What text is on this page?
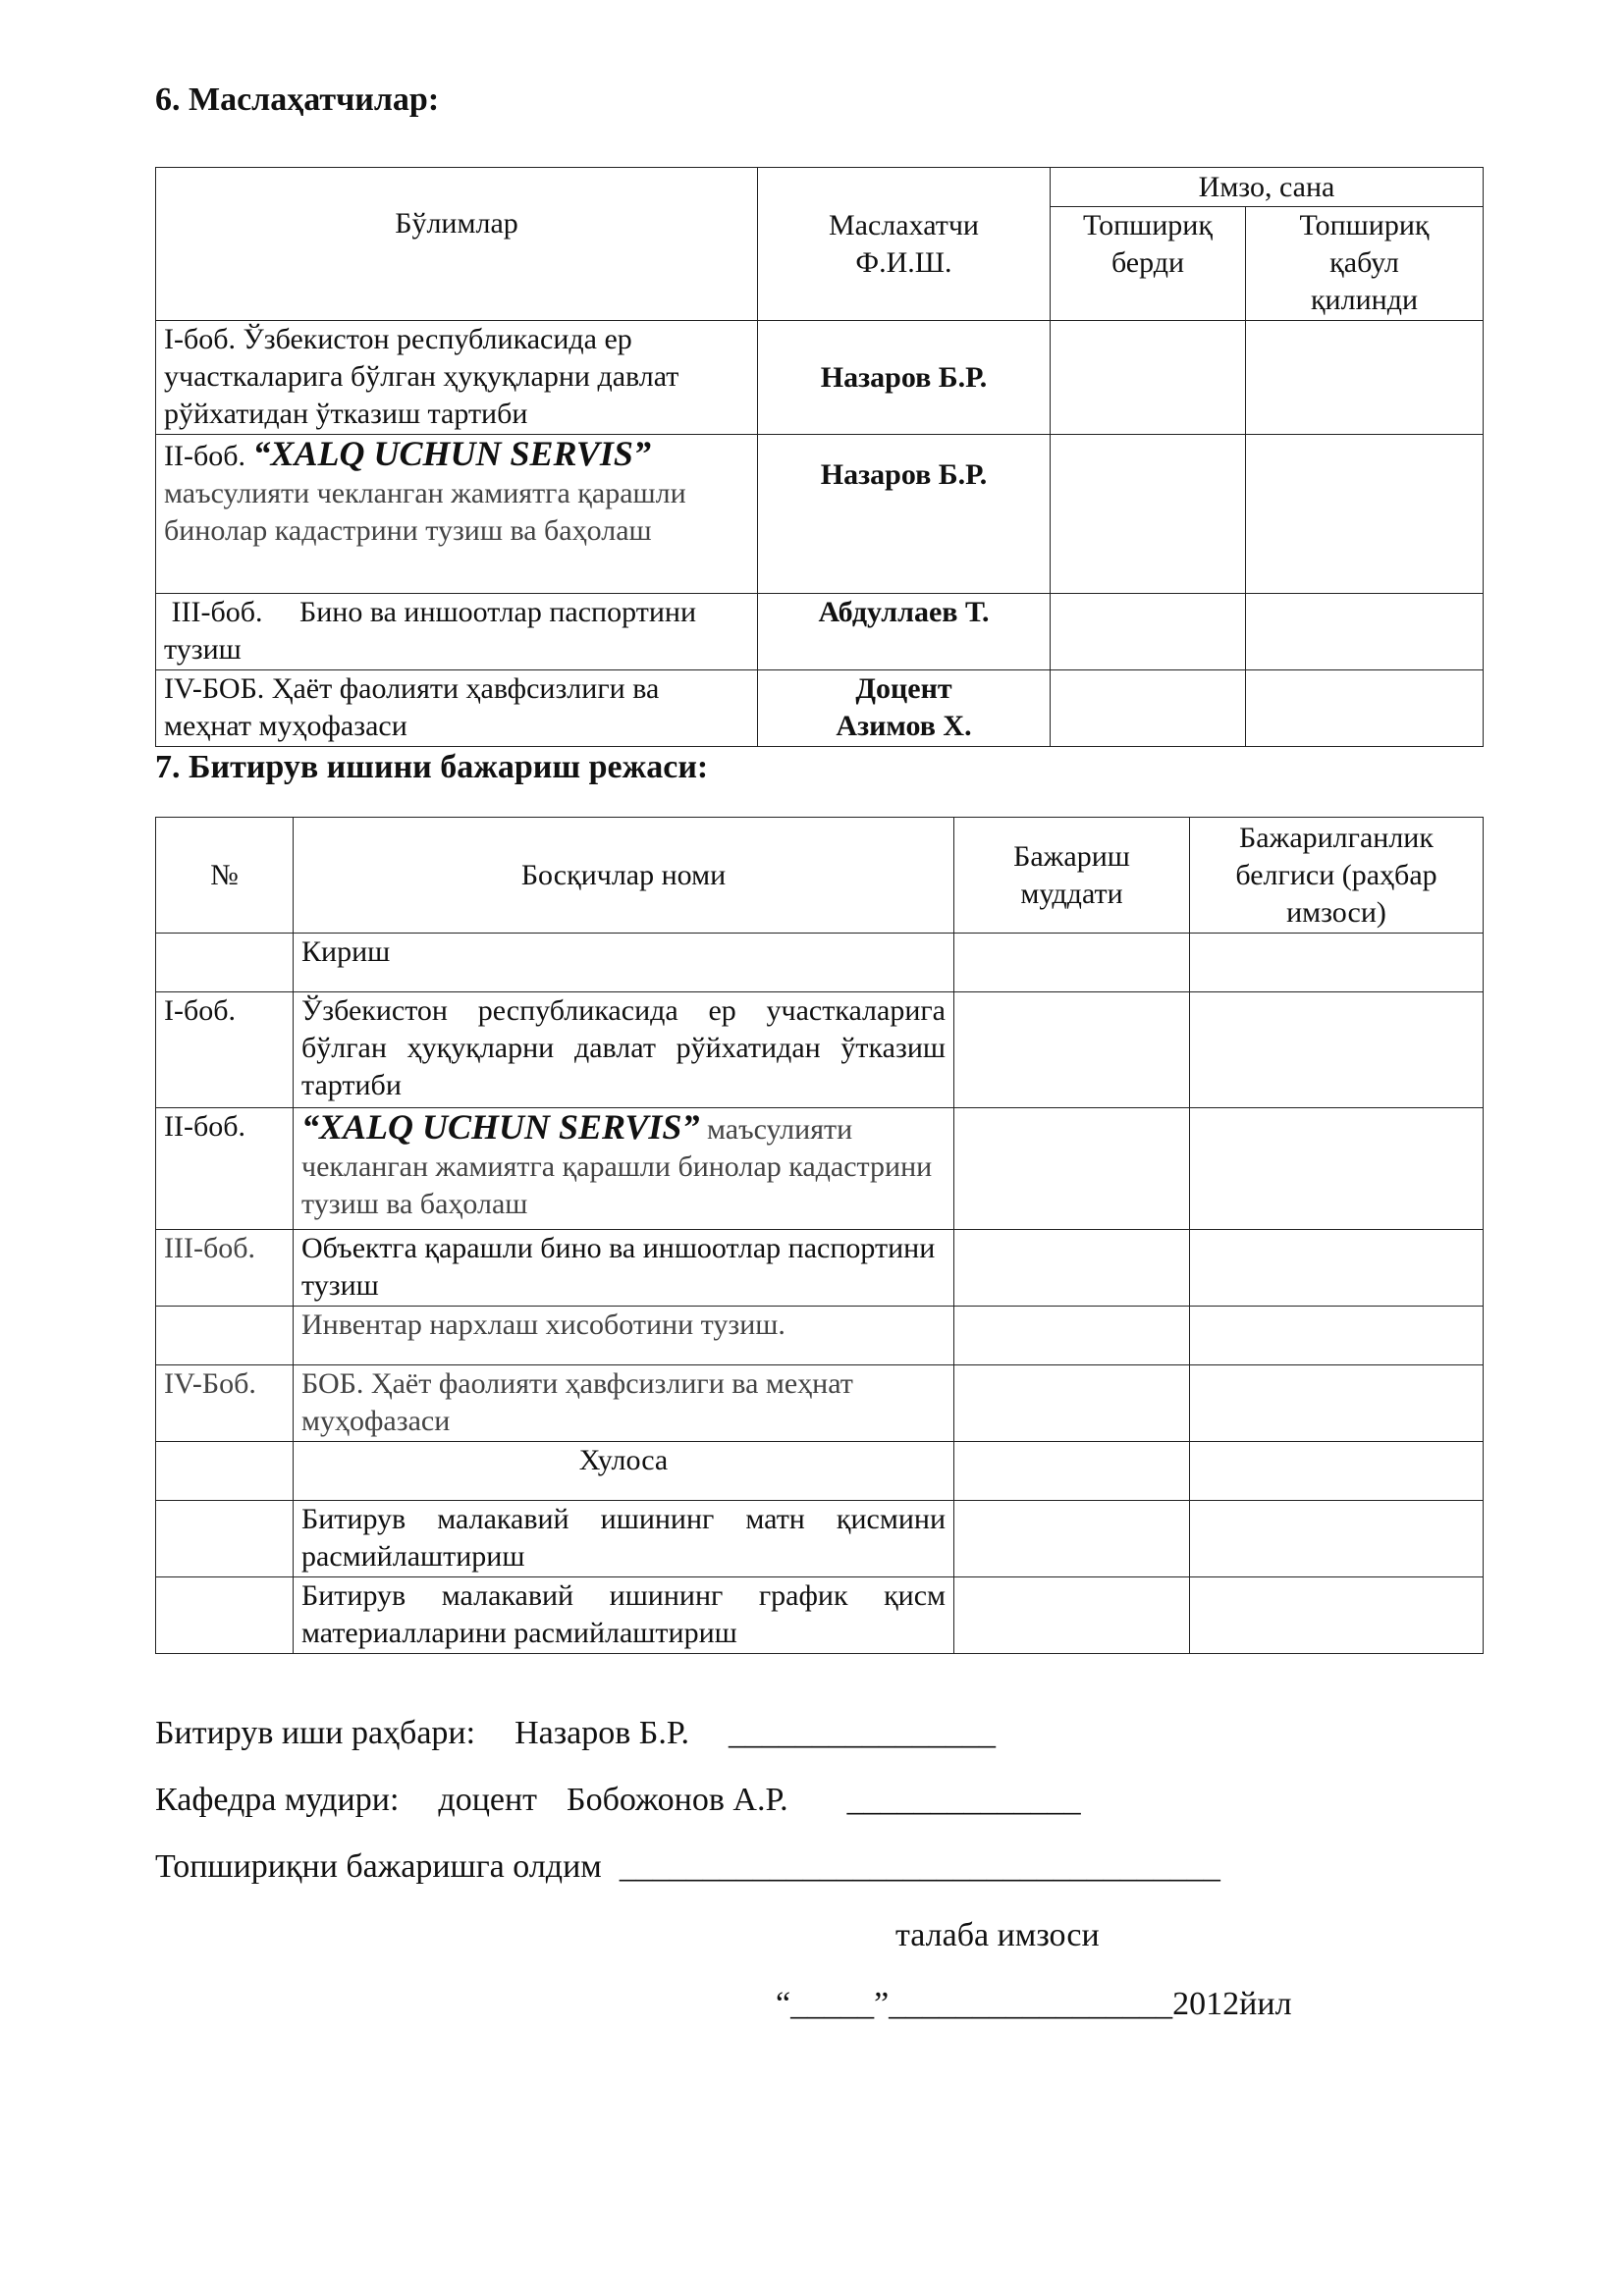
6. Маслаҳатчилар:
Бўлимлар	Маслахатчи Ф.И.Ш.	Имзо, сана	
		Топшириқ берди	Топшириқ қабул қилинди
I-боб. Ўзбекистон республикасида ер участкаларига бўлган ҳуқуқларни давлат рўйхатидан ўтказиш тартиби	Назаров Б.Р.		
II-боб. “XALQ UCHUN SERVIS” маъсулияти чекланган жамиятга қарашли бинолар кадастрини тузиш ва баҳолаш	Назаров Б.Р.		
III-боб.     Бино ва иншоотлар паспортини  тузиш	Абдуллаев Т.		
IV-БОБ. Ҳаёт фаолияти ҳавфсизлиги ва меҳнат муҳофазаси	Доцент
Азимов Х.		

7. Битирув ишини бажариш режаси:
№	Босқичлар номи	Бажариш муддати	Бажарилганлик белгиси (раҳбар имзоси)
	Кириш		
I-боб.	Ўзбекистон республикасида ер участкаларига бўлган ҳуқуқларни давлат рўйхатидан ўтказиш тартиби		
II-боб.	“XALQ UCHUN SERVIS” маъсулияти чекланган жамиятга қарашли бинолар кадастрини тузиш ва баҳолаш		
III-боб.	Объектга қарашли бино ва иншоотлар паспортини тузиш		
	Инвентар нархлаш хисоботини тузиш.		
IV-Боб.	БОБ. Ҳаёт фаолияти ҳавфсизлиги ва меҳнат муҳофазаси		
	Хулоса		
	Битирув малакавий ишининг матн қисмини расмийлаштириш		
	Битирув малакавий ишининг график қисм материалларини расмийлаштириш		
Битирув иши раҳбари: Назаров Б.Р. ________________
Кафедра мудири: доцент Бобожонов А.Р. ______________
Топшириқни бажаришга олдим ____________________________________
талаба имзоси
“_____”_________________2012йил
